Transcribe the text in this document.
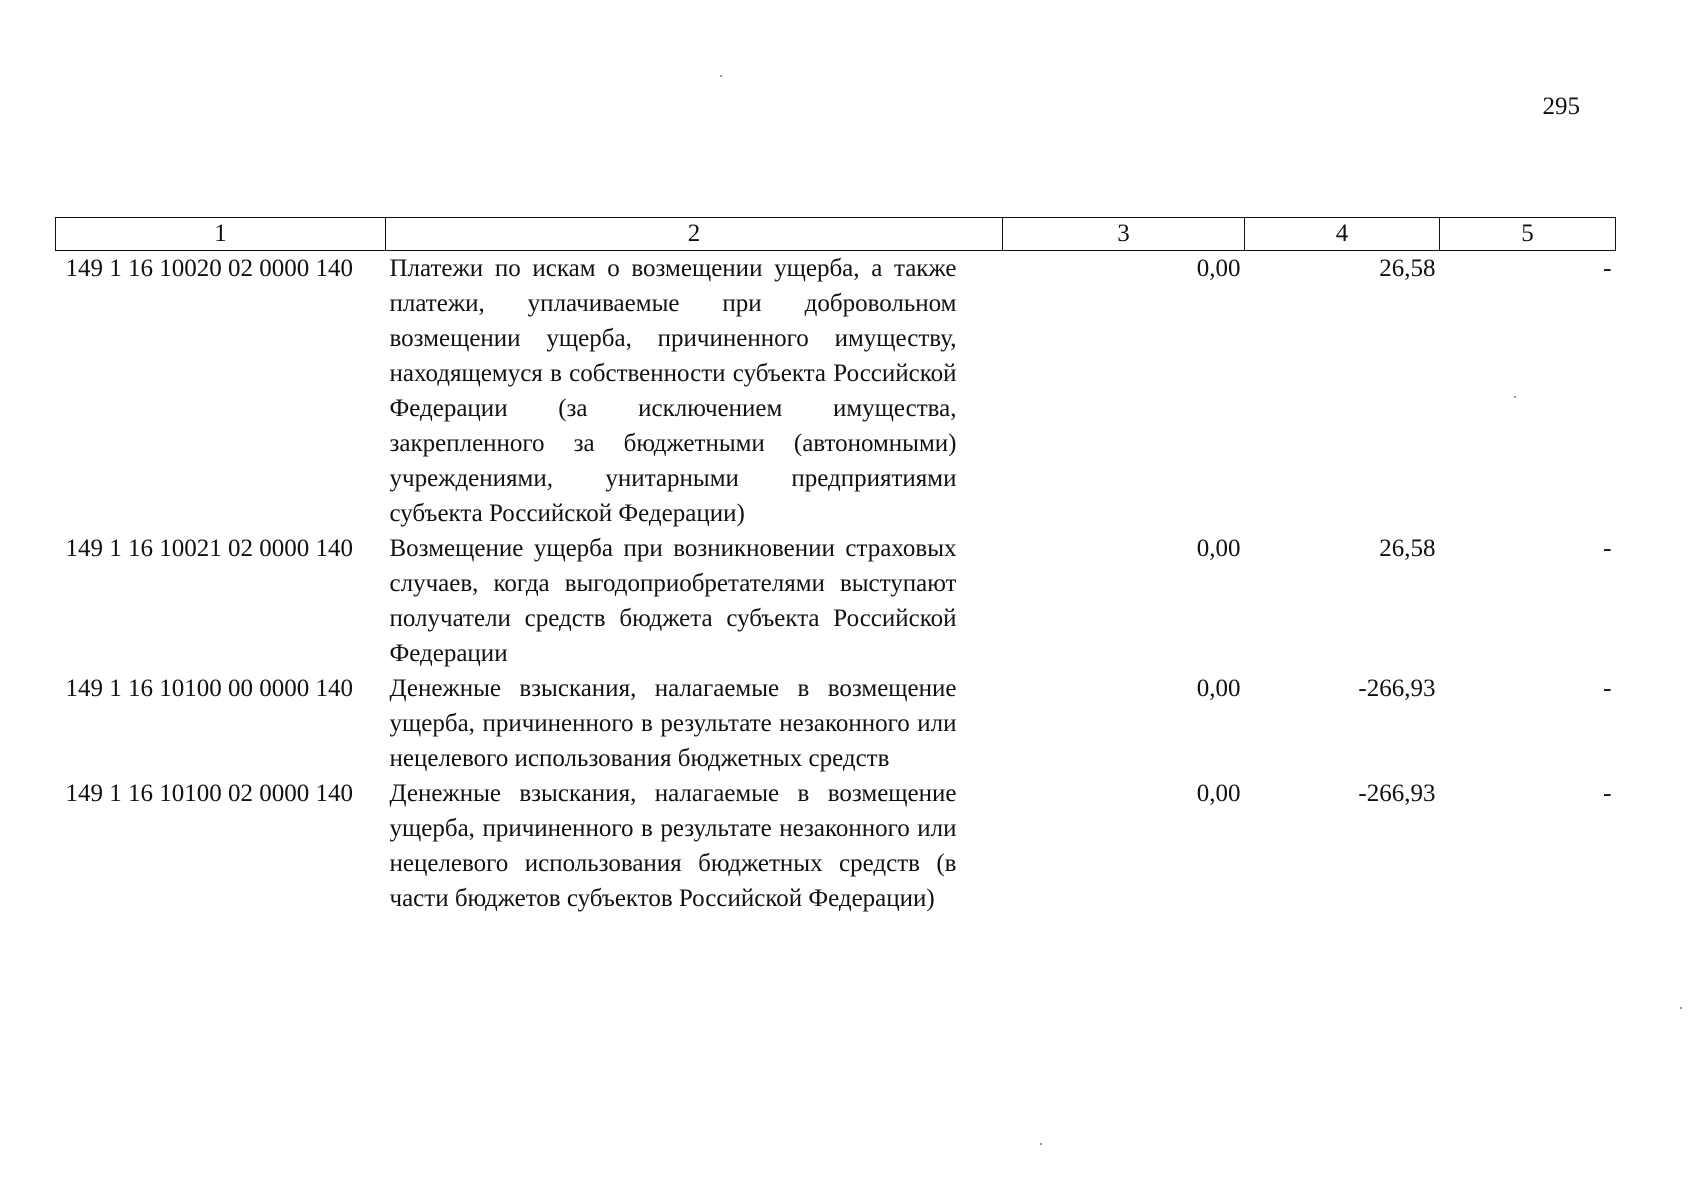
295
1	2	3	4	5
149 1 16 10020 02 0000 140	Платежи по искам о возмещении ущерба, а также платежи, уплачиваемые при добровольном возмещении ущерба, причиненного имуществу, находящемуся в собственности субъекта Российской Федерации (за исключением имущества, закрепленного за бюджетными (автономными) учреждениями, унитарными предприятиями субъекта Российской Федерации)	0,00	26,58	-
149 1 16 10021 02 0000 140	Возмещение ущерба при возникновении страховых случаев, когда выгодоприобретателями выступают получатели средств бюджета субъекта Российской Федерации	0,00	26,58	-
149 1 16 10100 00 0000 140	Денежные взыскания, налагаемые в возмещение ущерба, причиненного в результате незаконного или нецелевого использования бюджетных средств	0,00	-266,93	-
149 1 16 10100 02 0000 140	Денежные взыскания, налагаемые в возмещение ущерба, причиненного в результате незаконного или нецелевого использования бюджетных средств (в части бюджетов субъектов Российской Федерации)	0,00	-266,93	-
